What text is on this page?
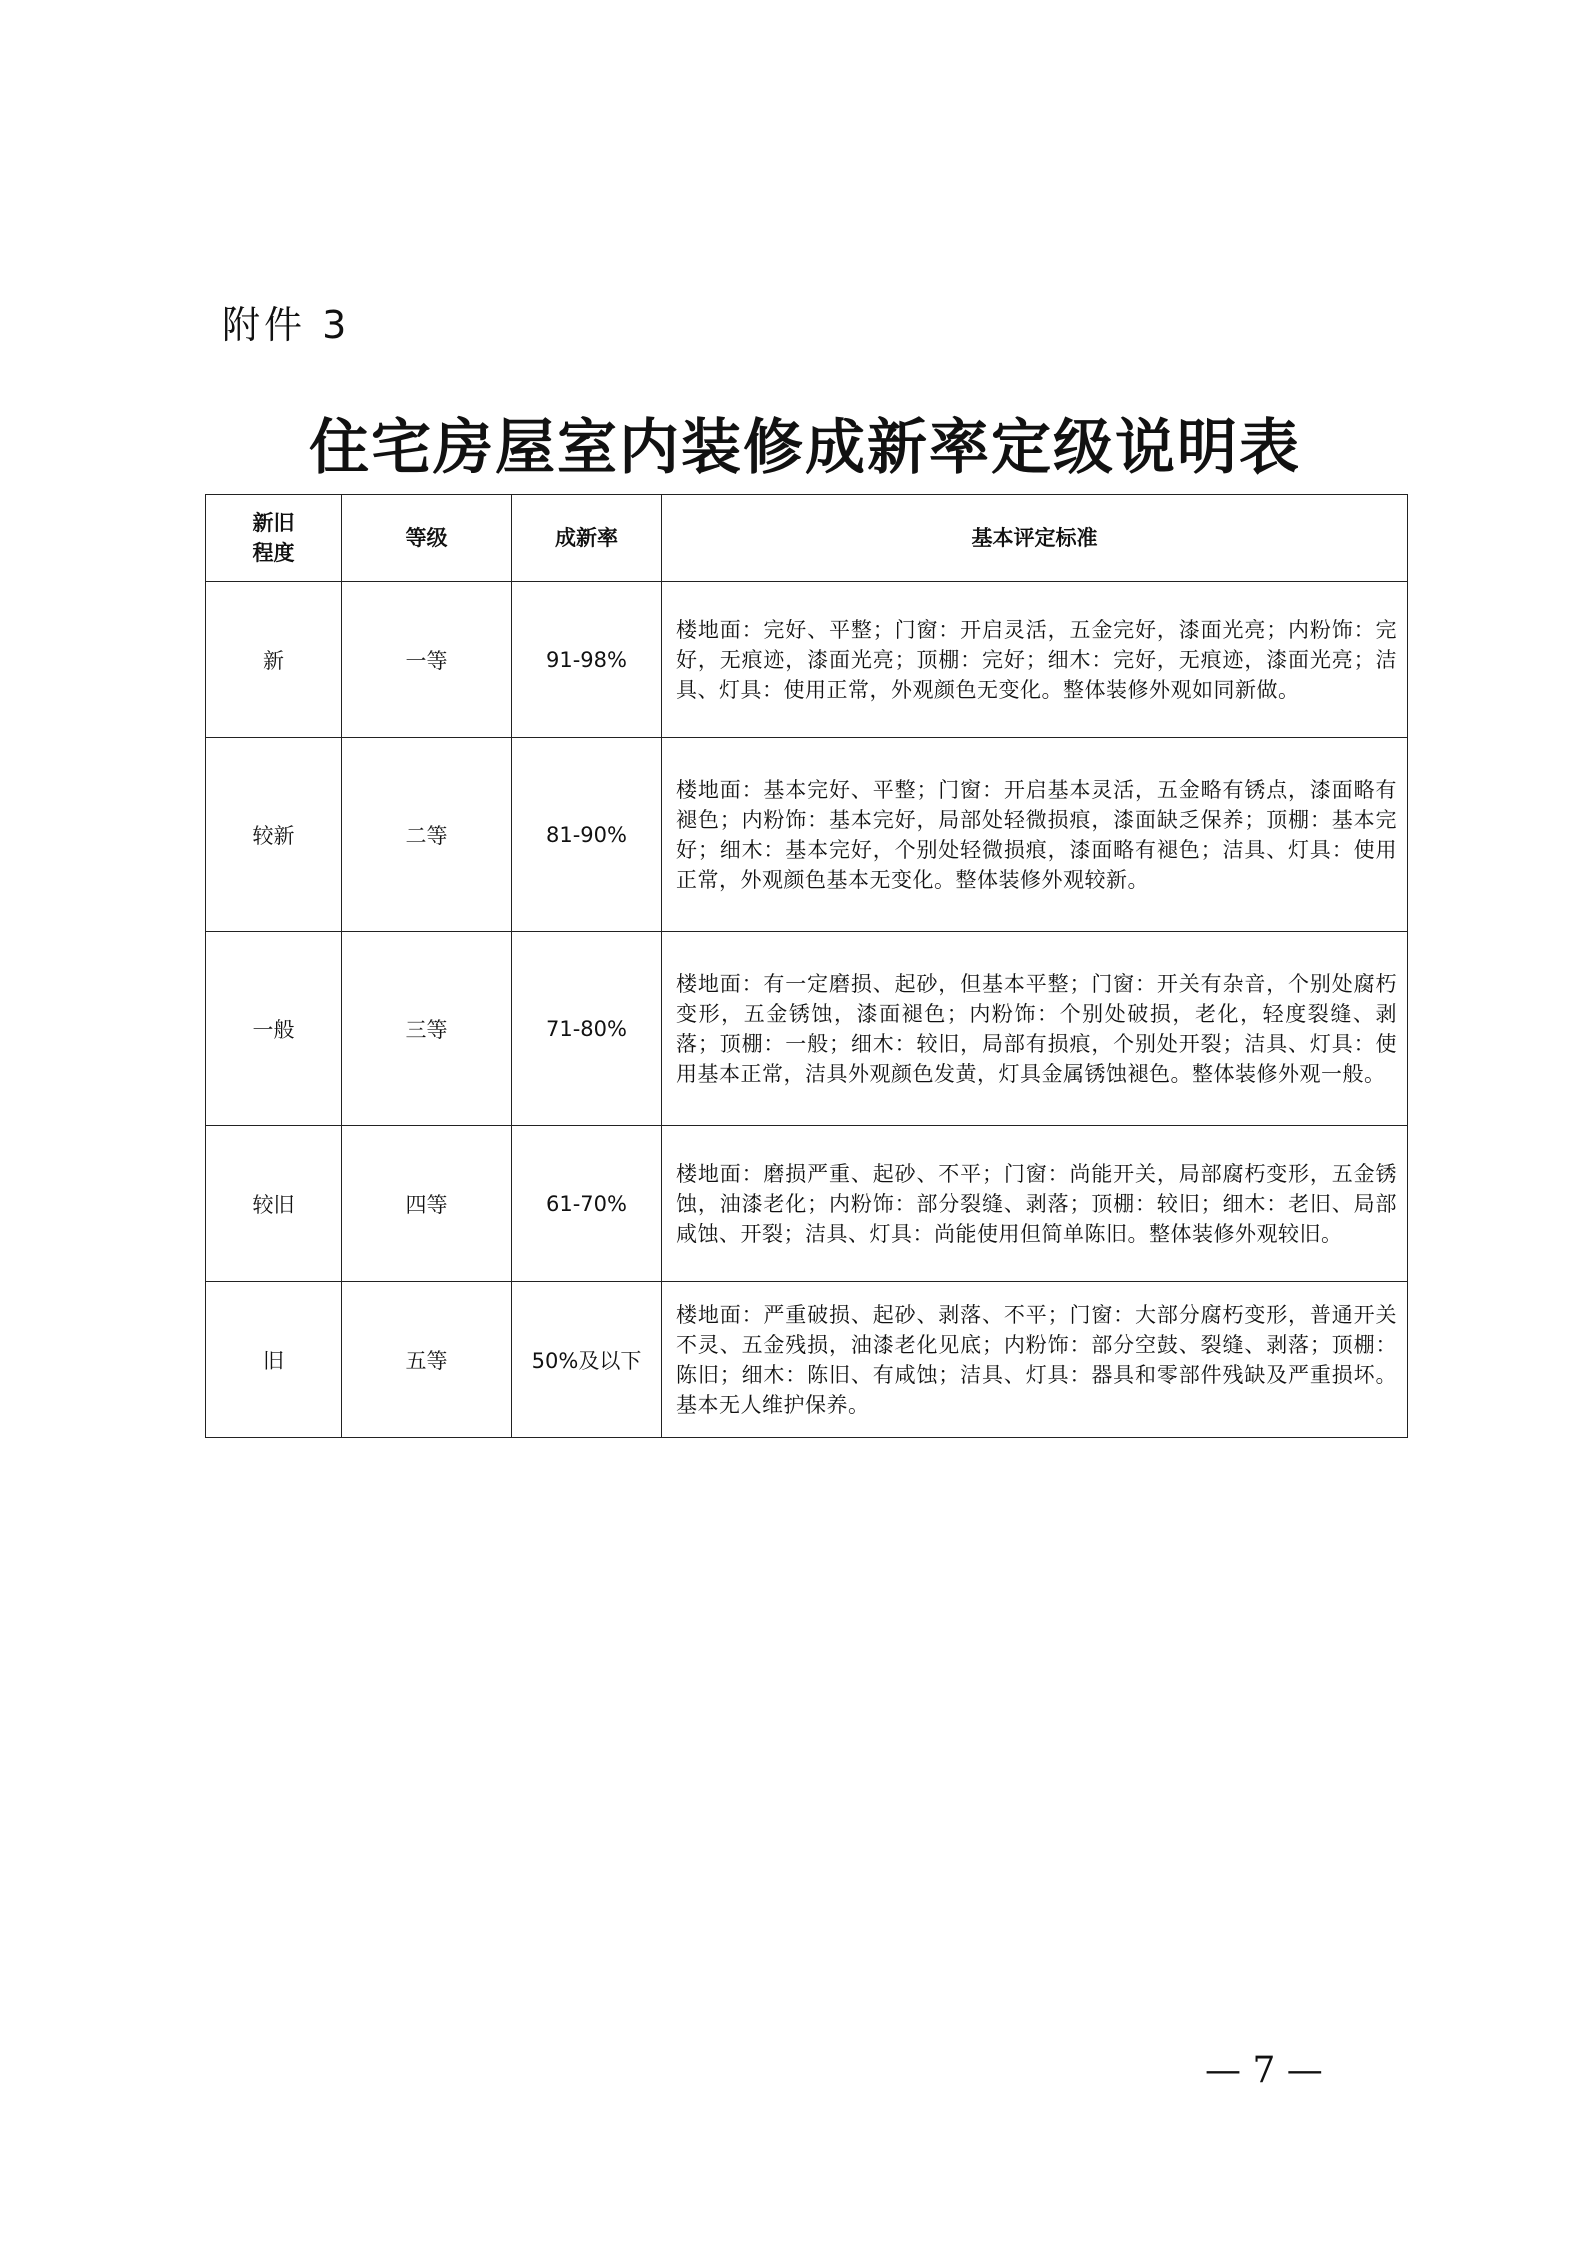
附件 3
住宅房屋室内装修成新率定级说明表
新旧
程度	等级	成新率	基本评定标准
新	一等	91-98%	楼地面：完好、平整；门窗：开启灵活，五金完好，漆面光亮；内粉饰：完好，无痕迹，漆面光亮；顶棚：完好；细木：完好，无痕迹，漆面光亮；洁具、灯具：使用正常，外观颜色无变化。整体装修外观如同新做。
较新	二等	81-90%	楼地面：基本完好、平整；门窗：开启基本灵活，五金略有锈点，漆面略有褪色；内粉饰：基本完好，局部处轻微损痕，漆面缺乏保养；顶棚：基本完好；细木：基本完好，个别处轻微损痕，漆面略有褪色；洁具、灯具：使用正常，外观颜色基本无变化。整体装修外观较新。
一般	三等	71-80%	楼地面：有一定磨损、起砂，但基本平整；门窗：开关有杂音，个别处腐朽变形，五金锈蚀，漆面褪色；内粉饰：个别处破损，老化，轻度裂缝、剥落；顶棚：一般；细木：较旧，局部有损痕，个别处开裂；洁具、灯具：使用基本正常，洁具外观颜色发黄，灯具金属锈蚀褪色。整体装修外观一般。
较旧	四等	61-70%	楼地面：磨损严重、起砂、不平；门窗：尚能开关，局部腐朽变形，五金锈蚀，油漆老化；内粉饰：部分裂缝、剥落；顶棚：较旧；细木：老旧、局部咸蚀、开裂；洁具、灯具：尚能使用但简单陈旧。整体装修外观较旧。
旧	五等	50%及以下	楼地面：严重破损、起砂、剥落、不平；门窗：大部分腐朽变形，普通开关不灵、五金残损，油漆老化见底；内粉饰：部分空鼓、裂缝、剥落；顶棚：陈旧；细木：陈旧、有咸蚀；洁具、灯具：器具和零部件残缺及严重损坏。基本无人维护保养。
— 7 —
